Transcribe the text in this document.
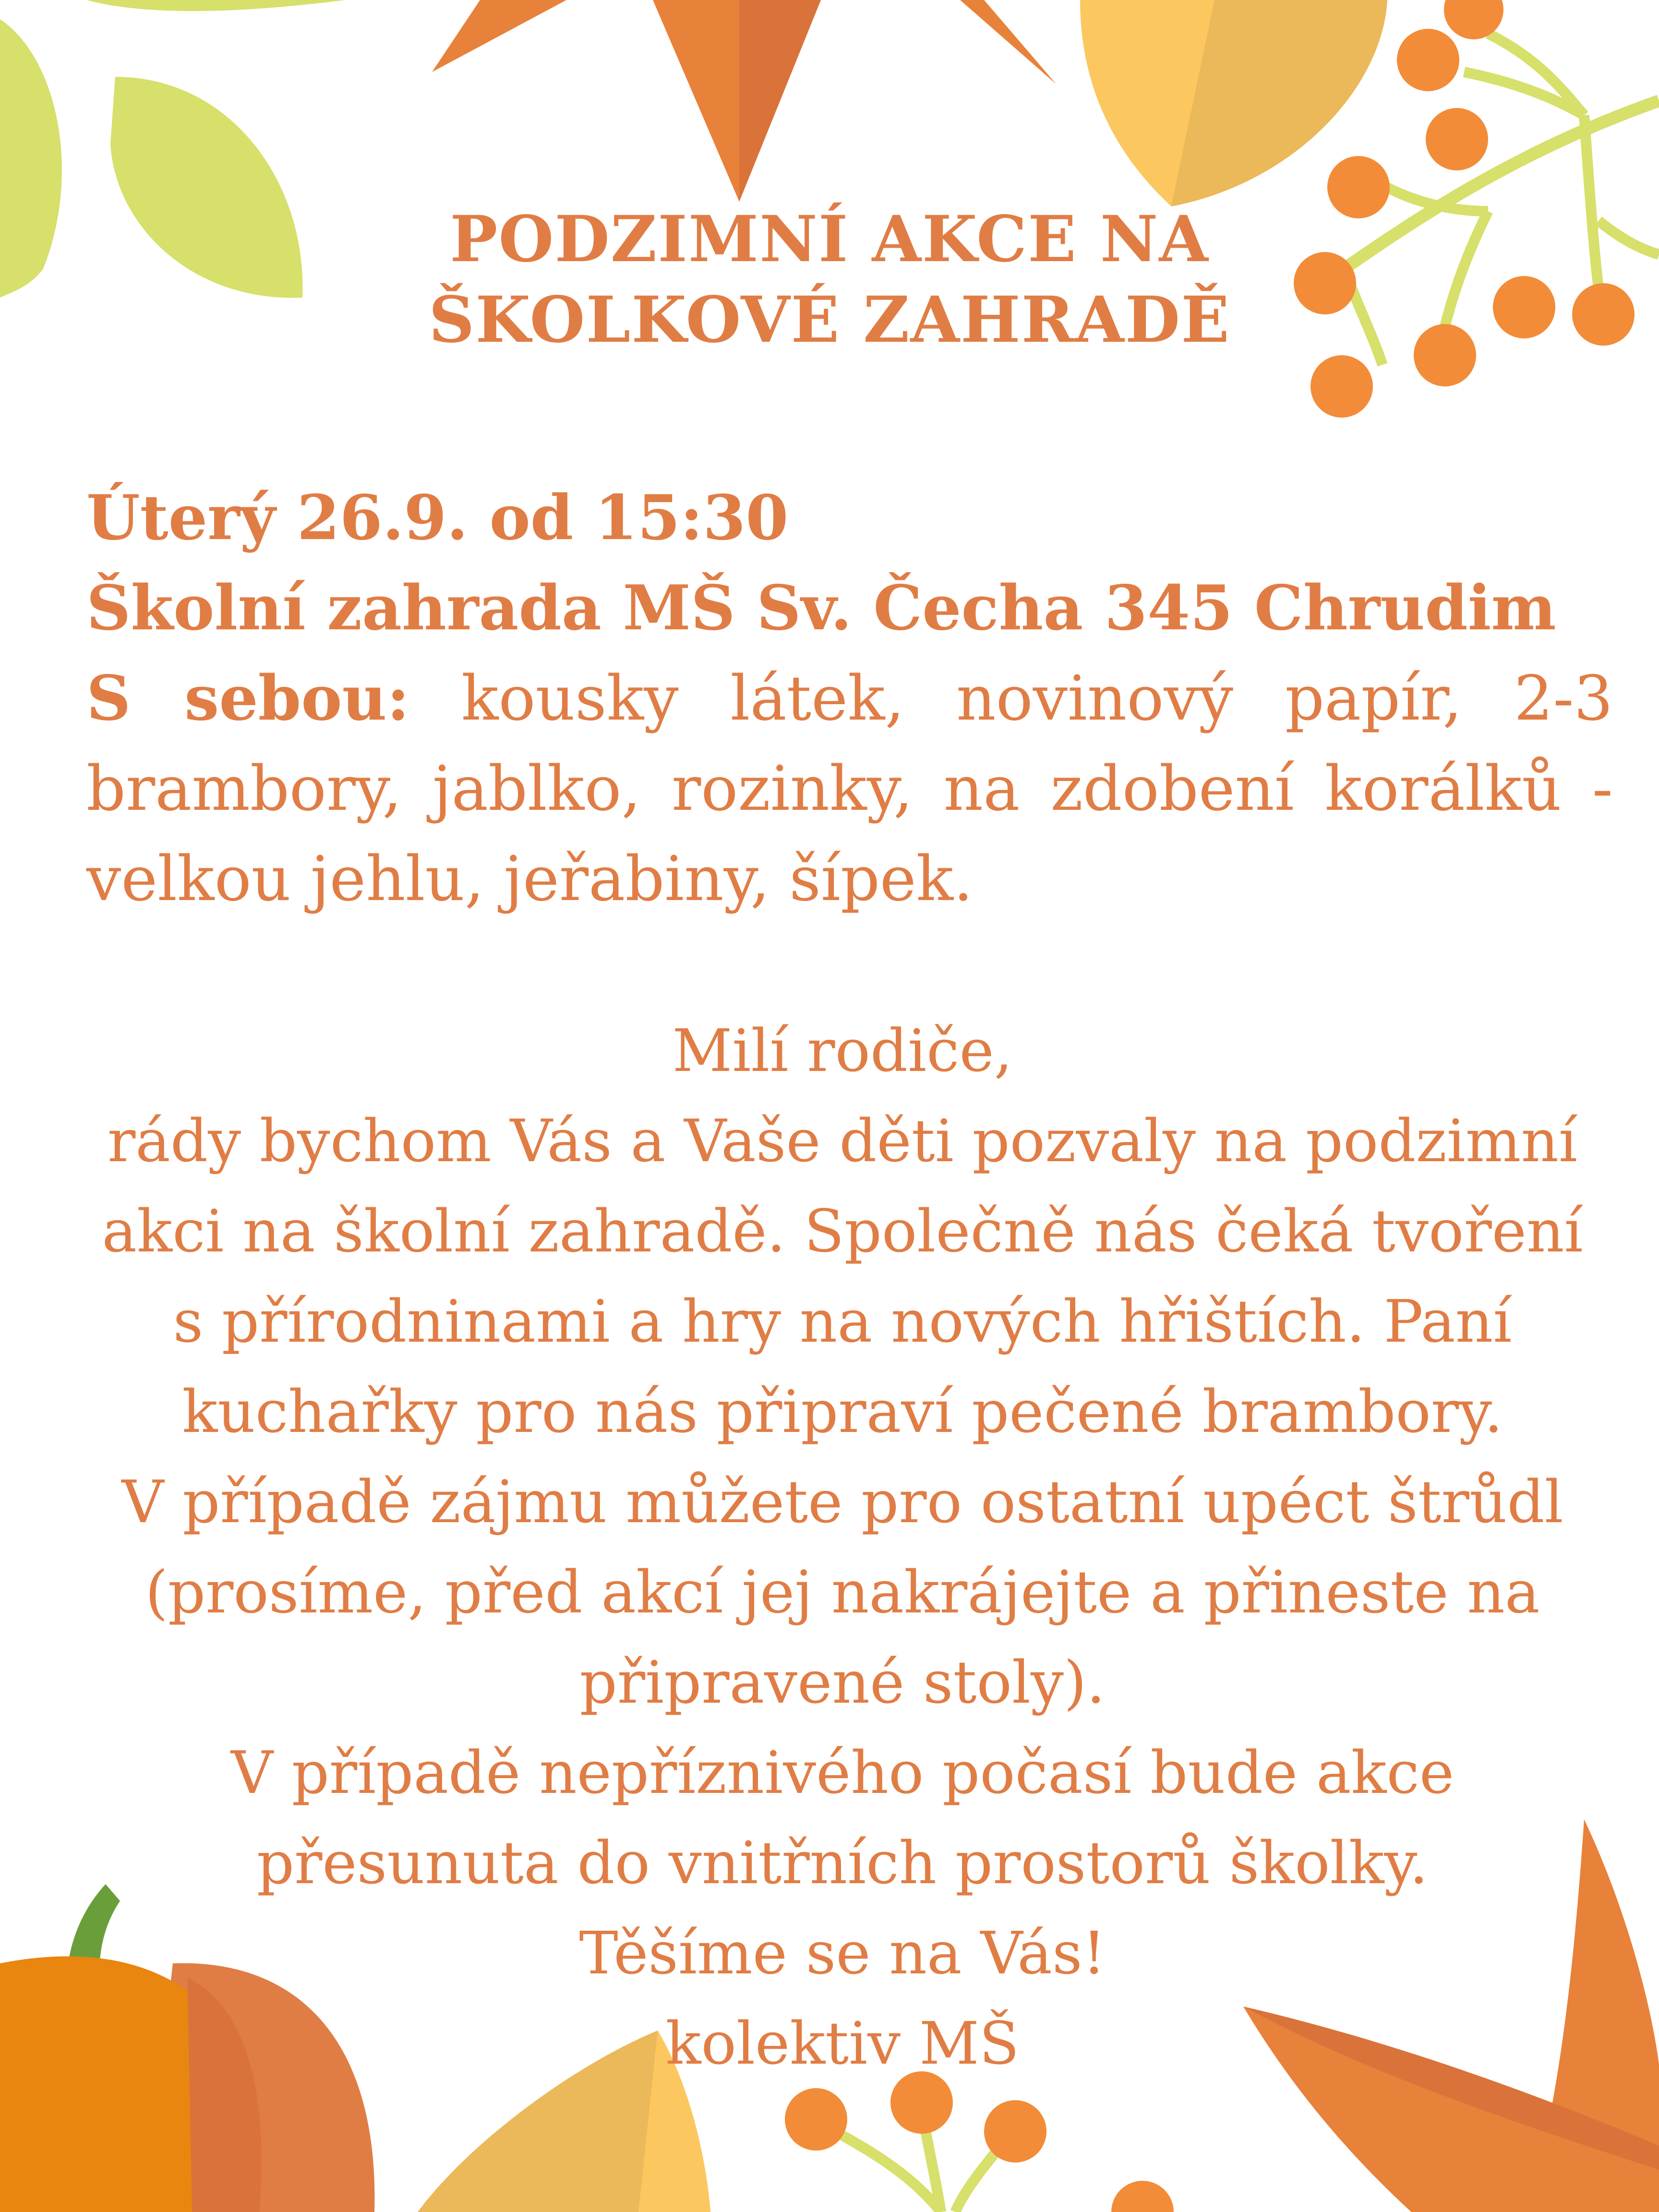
PODZIMNÍ AKCE NA
ŠKOLKOVÉ ZAHRADĚ
Úterý 26.9. od 15:30
Školní zahrada MŠ Sv. Čecha 345 Chrudim
S sebou: kousky látek, novinový papír, 2-3 brambory, jablko, rozinky, na zdobení korálků - velkou jehlu, jeřabiny, šípek.
Milí rodiče,
rády bychom Vás a Vaše děti pozvaly na podzimní
akci na školní zahradě. Společně nás čeká tvoření
s přírodninami a hry na nových hřištích. Paní
kuchařky pro nás připraví pečené brambory.
V případě zájmu můžete pro ostatní upéct štrůdl
(prosíme, před akcí jej nakrájejte a přineste na
připravené stoly).
V případě nepříznivého počasí bude akce
přesunuta do vnitřních prostorů školky.
Těšíme se na Vás!
kolektiv MŠ
